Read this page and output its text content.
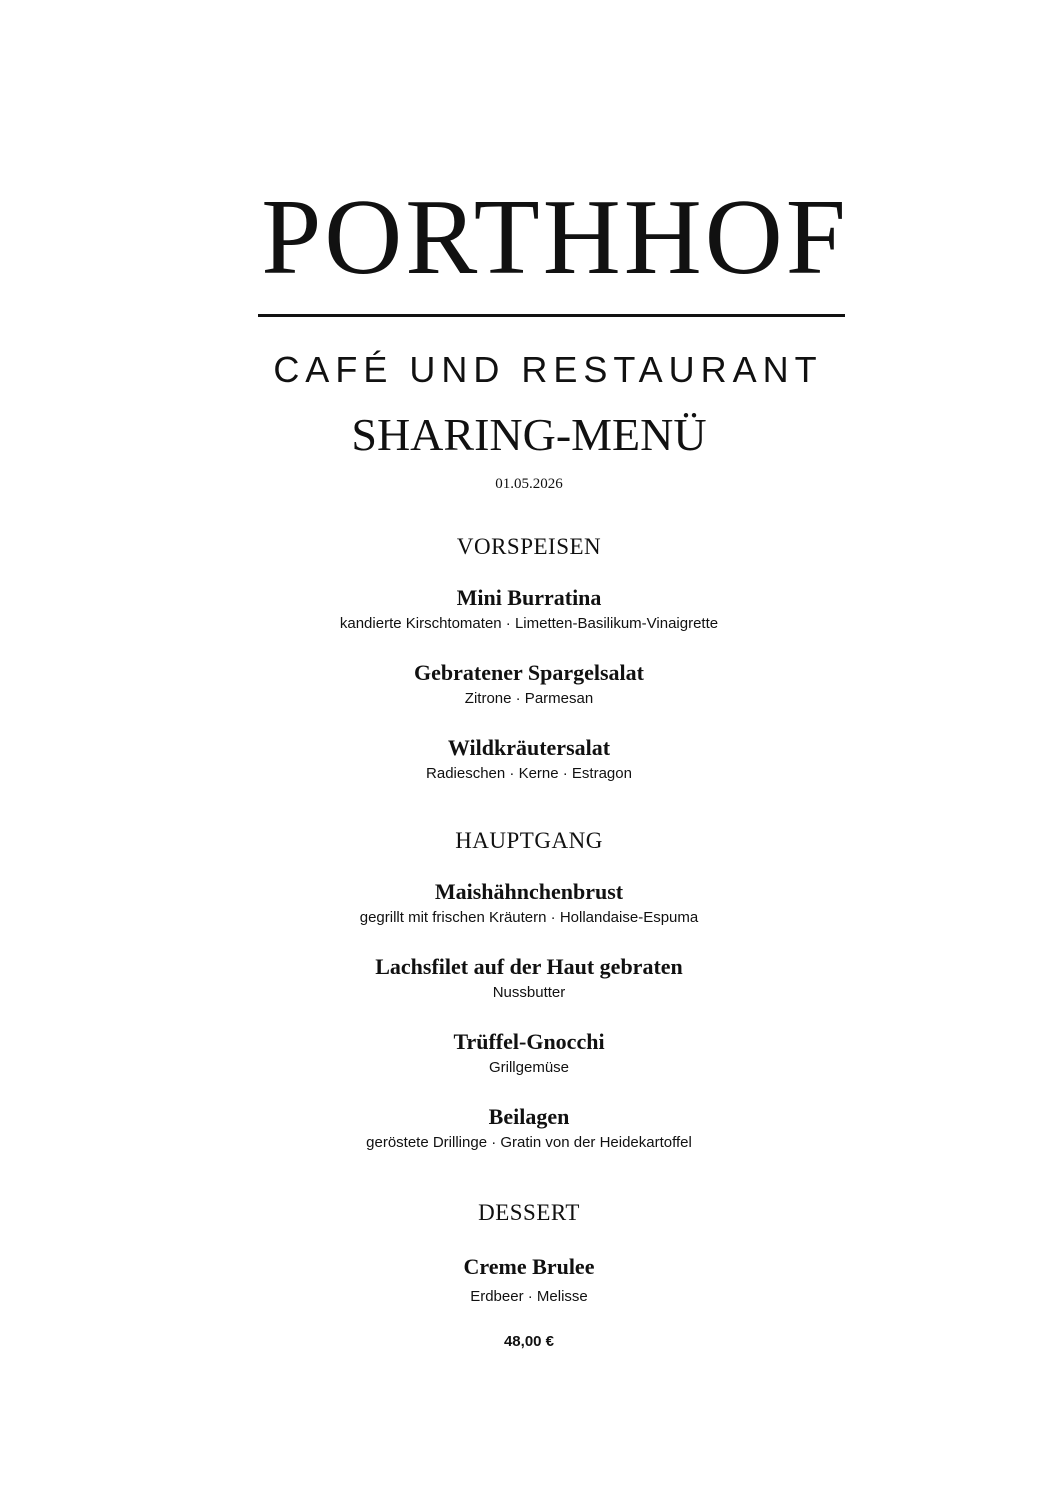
PORTHHOF
CAFÉ UND RESTAURANT
SHARING-MENÜ
01.05.2026
VORSPEISEN
Mini Burratina
kandierte Kirschtomaten · Limetten-Basilikum-Vinaigrette
Gebratener Spargelsalat
Zitrone · Parmesan
Wildkräutersalat
Radieschen · Kerne · Estragon
HAUPTGANG
Maishähnchenbrust
gegrillt mit frischen Kräutern · Hollandaise-Espuma
Lachsfilet auf der Haut gebraten
Nussbutter
Trüffel-Gnocchi
Grillgemüse
Beilagen
geröstete Drillinge · Gratin von der Heidekartoffel
DESSERT
Creme Brulee
Erdbeer · Melisse
48,00 €
